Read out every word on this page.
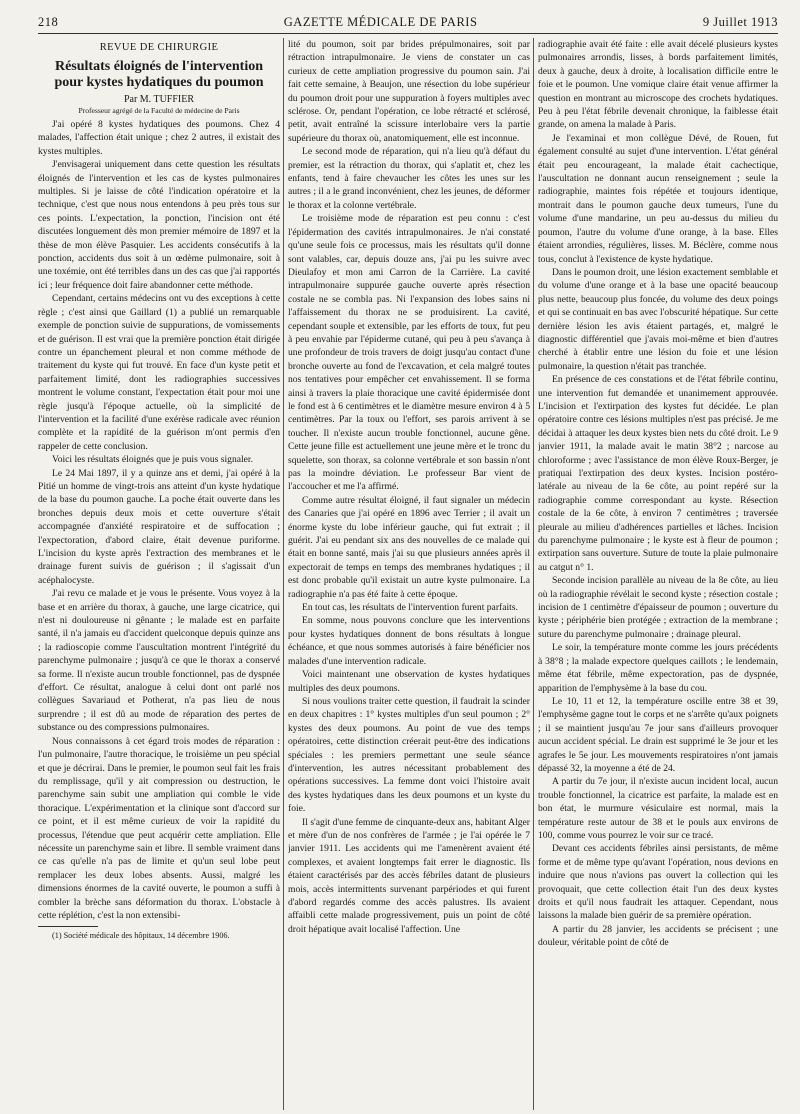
218	GAZETTE MÉDICALE DE PARIS	9 Juillet 1913
REVUE DE CHIRURGIE
Résultats éloignés de l'intervention
pour kystes hydatiques du poumon
Par M. TUFFIER
Professeur agrégé de la Faculté de médecine de Paris

J'ai opéré 8 kystes hydatiques des poumons. Chez 4 malades, l'affection était unique ; chez 2 autres, il existait des kystes multiples.

J'envisagerai uniquement dans cette question les résultats éloignés de l'intervention et les cas de kystes pulmonaires multiples. Si je laisse de côté l'indication opératoire et la technique, c'est que nous nous entendons à peu près tous sur ces points. L'expectation, la ponction, l'incision ont été discutées longuement dès mon premier mémoire de 1897 et la thèse de mon élève Pasquier. Les accidents consécutifs à la ponction, accidents dus soit à un œdème pulmonaire, soit à une toxémie, ont été terribles dans un des cas que j'ai rapportés ici ; leur fréquence doit faire abandonner cette méthode.

Cependant, certains médecins ont vu des exceptions à cette règle ; c'est ainsi que Gaillard (1) a publié un remarquable exemple de ponction suivie de suppurations, de vomissements et de guérison. Il est vrai que la première ponction était dirigée contre un épanchement pleural et non comme méthode de traitement du kyste qui fut trouvé. En face d'un kyste petit et parfaitement limité, dont les radiographies successives montrent le volume constant, l'expectation était pour moi une règle jusqu'à l'époque actuelle, où la simplicité de l'intervention et la facilité d'une exérèse radicale avec réunion complète et la rapidité de la guérison m'ont permis d'en rappeler de cette conclusion.

Voici les résultats éloignés que je puis vous signaler.

Le 24 Mai 1897, il y a quinze ans et demi, j'ai opéré à la Pitié un homme de vingt-trois ans atteint d'un kyste hydatique de la base du poumon gauche. La poche était ouverte dans les bronches depuis deux mois et cette ouverture s'était accompagnée d'anxiété respiratoire et de suffocation ; l'expectoration, d'abord claire, était devenue puriforme. L'incision du kyste après l'extraction des membranes et le drainage furent suivis de guérison ; il s'agissait d'un acéphalocyste.

J'ai revu ce malade et je vous le présente. Vous voyez à la base et en arrière du thorax, à gauche, une large cicatrice, qui n'est ni douloureuse ni gênante ; le malade est en parfaite santé, il n'a jamais eu d'accident quelconque depuis quinze ans ; la radioscopie comme l'auscultation montrent l'intégrité du parenchyme pulmonaire ; jusqu'à ce que le thorax a conservé sa forme. Il n'existe aucun trouble fonctionnel, pas de dyspnée d'effort. Ce résultat, analogue à celui dont ont parlé nos collègues Savariaud et Potherat, n'a pas lieu de nous surprendre ; il est dû au mode de réparation des pertes de substance ou des compressions pulmonaires.

Nous connaissons à cet égard trois modes de réparation : l'un pulmonaire, l'autre thoracique, le troisième un peu spécial et que je décrirai. Dans le premier, le poumon seul fait les frais du remplissage, qu'il y ait compression ou destruction, le parenchyme sain subit une ampliation qui comble le vide thoracique. L'expérimentation et la clinique sont d'accord sur ce point, et il est même curieux de voir la rapidité du processus, l'étendue que peut acquérir cette ampliation. Elle nécessite un parenchyme sain et libre. Il semble vraiment dans ce cas qu'elle n'a pas de limite et qu'un seul lobe peut remplacer les deux lobes absents. Aussi, malgré les dimensions énormes de la cavité ouverte, le poumon a suffi à combler la brèche sans déformation du thorax. L'obstacle à cette réplétion, c'est la non extensibi-

(1) Société médicale des hôpitaux, 14 décembre 1906.

lité du poumon, soit par brides prépulmonaires, soit par rétraction intrapulmonaire. Je viens de constater un cas curieux de cette ampliation progressive du poumon sain. J'ai fait cette semaine, à Beaujon, une résection du lobe supérieur du poumon droit pour une suppuration à foyers multiples avec sclérose. Or, pendant l'opération, ce lobe rétracté et sclérosé, petit, avait entraîné la scissure interlobaire vers la partie supérieure du thorax où, anatomiquement, elle est inconnue.

Le second mode de réparation, qui n'a lieu qu'à défaut du premier, est la rétraction du thorax, qui s'aplatit et, chez les enfants, tend à faire chevaucher les côtes les unes sur les autres ; il a le grand inconvénient, chez les jeunes, de déformer le thorax et la colonne vertébrale.

Le troisième mode de réparation est peu connu : c'est l'épidermation des cavités intrapulmonaires. Je n'ai constaté qu'une seule fois ce processus, mais les résultats qu'il donne sont valables, car, depuis douze ans, j'ai pu les suivre avec Dieulafoy et mon ami Carron de la Carrière. La cavité intrapulmonaire suppurée gauche ouverte après résection costale ne se combla pas. Ni l'expansion des lobes sains ni l'affaissement du thorax ne se produisirent. La cavité, cependant souple et extensible, par les efforts de toux, fut peu à peu envahie par l'épiderme cutané, qui peu à peu s'avança à une profondeur de trois travers de doigt jusqu'au contact d'une bronche ouverte au fond de l'excavation, et cela malgré toutes nos tentatives pour empêcher cet envahissement. Il se forma ainsi à travers la plaie thoracique une cavité épidermisée dont le fond est à 6 centimètres et le diamètre mesure environ 4 à 5 centimètres. Par la toux ou l'effort, ses parois arrivent à se toucher. Il n'existe aucun trouble fonctionnel, aucune gêne. Cette jeune fille est actuellement une jeune mère et le tronc du squelette, son thorax, sa colonne vertébrale et son bassin n'ont pas la moindre déviation. Le professeur Bar vient de l'accoucher et me l'a affirmé.

Comme autre résultat éloigné, il faut signaler un médecin des Canaries que j'ai opéré en 1896 avec Terrier ; il avait un énorme kyste du lobe inférieur gauche, qui fut extrait ; il guérit. J'ai eu pendant six ans des nouvelles de ce malade qui était en bonne santé, mais j'ai su que plusieurs années après il expectorait de temps en temps des membranes hydatiques ; il est donc probable qu'il existait un autre kyste pulmonaire. La radiographie n'a pas été faite à cette époque.

En tout cas, les résultats de l'intervention furent parfaits.

En somme, nous pouvons conclure que les interventions pour kystes hydatiques donnent de bons résultats à longue échéance, et que nous sommes autorisés à faire bénéficier nos malades d'une intervention radicale.

Voici maintenant une observation de kystes hydatiques multiples des deux poumons.

Si nous voulions traiter cette question, il faudrait la scinder en deux chapitres : 1° kystes multiples d'un seul poumon ; 2° kystes des deux poumons. Au point de vue des temps opératoires, cette distinction créerait peut-être des indications spéciales : les premiers permettant une seule séance d'intervention, les autres nécessitant probablement des opérations successives. La femme dont voici l'histoire avait des kystes hydatiques dans les deux poumons et un kyste du foie.

Il s'agit d'une femme de cinquante-deux ans, habitant Alger et mère d'un de nos confrères de l'armée ; je l'ai opérée le 7 janvier 1911. Les accidents qui me l'amenèrent avaient été complexes, et avaient longtemps fait errer le diagnostic. Ils étaient caractérisés par des accès fébriles datant de plusieurs mois, accès intermittents survenant parpériodes et qui furent d'abord regardés comme des accès palustres. Ils avaient affaibli cette malade progressivement, puis un point de côté droit hépatique avait localisé l'affection. Une

radiographie avait été faite : elle avait décelé plusieurs kystes pulmonaires arrondis, lisses, à bords parfaitement limités, deux à gauche, deux à droite, à localisation difficile entre le foie et le poumon. Une vomique claire était venue affirmer la question en montrant au microscope des crochets hydatiques. Peu à peu l'état fébrile devenait chronique, la faiblesse était grande, on amena la malade à Paris.

Je l'examinai et mon collègue Dévé, de Rouen, fut également consulté au sujet d'une intervention. L'état général était peu encourageant, la malade était cachectique, l'auscultation ne donnant aucun renseignement ; seule la radiographie, maintes fois répétée et toujours identique, montrait dans le poumon gauche deux tumeurs, l'une du volume d'une mandarine, un peu au-dessus du milieu du poumon, l'autre du volume d'une orange, à la base. Elles étaient arrondies, régulières, lisses. M. Béclère, comme nous tous, conclut à l'existence de kyste hydatique.

Dans le poumon droit, une lésion exactement semblable et du volume d'une orange et à la base une opacité beaucoup plus nette, beaucoup plus foncée, du volume des deux poings et qui se continuait en bas avec l'obscurité hépatique. Sur cette dernière lésion les avis étaient partagés, et, malgré le diagnostic différentiel que j'avais moi-même et bien d'autres cherché à établir entre une lésion du foie et une lésion pulmonaire, la question n'était pas tranchée.

En présence de ces constations et de l'état fébrile continu, une intervention fut demandée et unanimement approuvée. L'incision et l'extirpation des kystes fut décidée. Le plan opératoire contre ces lésions multiples n'est pas précisé. Je me décidai à attaquer les deux kystes bien nets du côté droit. Le 9 janvier 1911, la malade avait le matin 38°2 ; narcose au chloroforme ; avec l'assistance de mon élève Roux-Berger, je pratiquai l'extirpation des deux kystes. Incision postéro-latérale au niveau de la 6e côte, au point repéré sur la radiographie comme correspondant au kyste. Résection costale de la 6e côte, à environ 7 centimètres ; traversée pleurale au milieu d'adhérences partielles et lâches. Incision du parenchyme pulmonaire ; le kyste est à fleur de poumon ; extirpation sans ouverture. Suture de toute la plaie pulmonaire au catgut n° 1.

Seconde incision parallèle au niveau de la 8e côte, au lieu où la radiographie révélait le second kyste ; résection costale ; incision de 1 centimètre d'épaisseur de poumon ; ouverture du kyste ; périphérie bien protégée ; extraction de la membrane ; suture du parenchyme pulmonaire ; drainage pleural.

Le soir, la température monte comme les jours précédents à 38°8 ; la malade expectore quelques caillots ; le lendemain, même état fébrile, même expectoration, pas de dyspnée, apparition de l'emphysème à la base du cou.

Le 10, 11 et 12, la température oscille entre 38 et 39, l'emphysème gagne tout le corps et ne s'arrête qu'aux poignets ; il se maintient jusqu'au 7e jour sans d'ailleurs provoquer aucun accident spécial. Le drain est supprimé le 3e jour et les agrafes le 5e jour. Les mouvements respiratoires n'ont jamais dépassé 32, la moyenne a été de 24.

A partir du 7e jour, il n'existe aucun incident local, aucun trouble fonctionnel, la cicatrice est parfaite, la malade est en bon état, le murmure vésiculaire est normal, mais la température reste autour de 38 et le pouls aux environs de 100, comme vous pourrez le voir sur ce tracé.

Devant ces accidents fébriles ainsi persistants, de même forme et de même type qu'avant l'opération, nous devions en induire que nous n'avions pas ouvert la collection qui les provoquait, que cette collection était l'un des deux kystes droits et qu'il nous faudrait les attaquer. Cependant, nous laissons la malade bien guérir de sa première opération.

A partir du 28 janvier, les accidents se précisent ; une douleur, véritable point de côté de
